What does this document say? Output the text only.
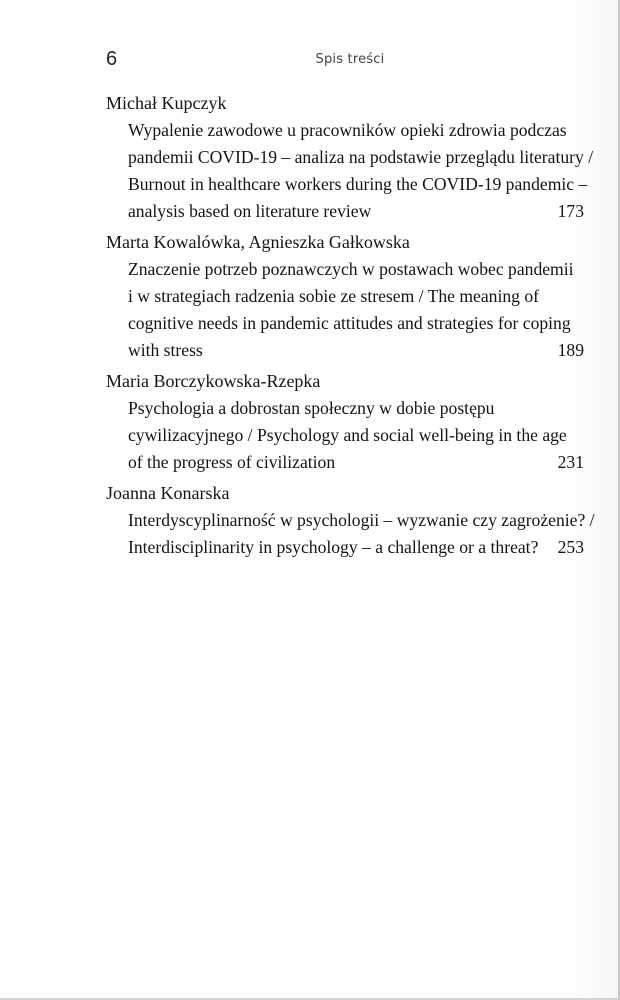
6	Spis treści
Michał Kupczyk
Wypalenie zawodowe u pracowników opieki zdrowia podczas
pandemii COVID-19 – analiza na podstawie przeglądu literatury /
Burnout in healthcare workers during the COVID-19 pandemic –
analysis based on literature review	173
Marta Kowalówka, Agnieszka Gałkowska
Znaczenie potrzeb poznawczych w postawach wobec pandemii
i w strategiach radzenia sobie ze stresem / The meaning of
cognitive needs in pandemic attitudes and strategies for coping
with stress	189
Maria Borczykowska-Rzepka
Psychologia a dobrostan społeczny w dobie postępu
cywilizacyjnego / Psychology and social well-being in the age
of the progress of civilization	231
Joanna Konarska
Interdyscyplinarność w psychologii – wyzwanie czy zagrożenie? /
Interdisciplinarity in psychology – a challenge or a threat? 253
